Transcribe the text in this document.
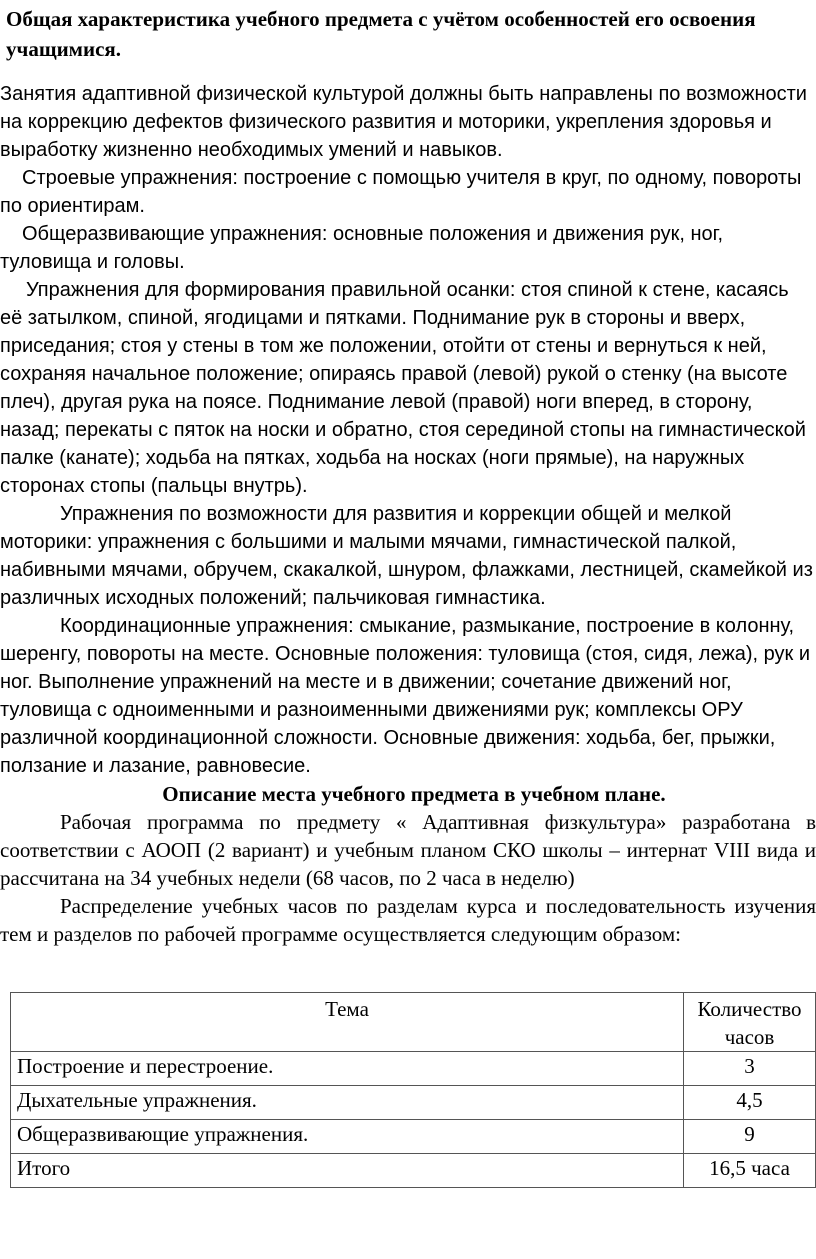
Общая характеристика учебного предмета с учётом особенностей его освоения учащимися.

Занятия адаптивной физической культурой должны быть направлены по возможности на коррекцию дефектов физического развития и моторики, укрепления здоровья и выработку жизненно необходимых умений и навыков.

Строевые упражнения: построение с помощью учителя в круг, по одному, повороты по ориентирам.

Общеразвивающие упражнения: основные положения и движения рук, ног, туловища и головы.

Упражнения для формирования правильной осанки: стоя спиной к стене, касаясь её затылком, спиной, ягодицами и пятками. Поднимание рук в стороны и вверх, приседания; стоя у стены в том же положении, отойти от стены и вернуться к ней, сохраняя начальное положение; опираясь правой (левой) рукой о стенку (на высоте плеч), другая рука на поясе. Поднимание левой (правой) ноги вперед, в сторону, назад; перекаты с пяток на носки и обратно, стоя серединой стопы на гимнастической палке (канате); ходьба на пятках, ходьба на носках (ноги прямые), на наружных сторонах стопы (пальцы внутрь).

Упражнения по возможности для развития и коррекции общей и мелкой моторики: упражнения с большими и малыми мячами, гимнастической палкой, набивными мячами, обручем, скакалкой, шнуром, флажками, лестницей, скамейкой из различных исходных положений; пальчиковая гимнастика.

Координационные упражнения: смыкание, размыкание, построение в колонну, шеренгу, повороты на месте. Основные положения: туловища (стоя, сидя, лежа), рук и ног. Выполнение упражнений на месте и в движении; сочетание движений ног, туловища с одноименными и разноименными движениями рук; комплексы ОРУ различной координационной сложности. Основные движения: ходьба, бег, прыжки, ползание и лазание, равновесие.

Описание места учебного предмета в учебном плане.

Рабочая программа по предмету « Адаптивная физкультура» разработана в соответствии с АООП (2 вариант) и учебным планом СКО школы – интернат VIII вида и рассчитана на 34 учебных недели (68 часов, по 2 часа в неделю)

Распределение учебных часов по разделам курса и последовательность изучения тем и разделов по рабочей программе осуществляется следующим образом:

Тема	Количество часов
Построение и перестроение.	3
Дыхательные упражнения.	4,5
Общеразвивающие упражнения.	9
Итого	16,5 часа
